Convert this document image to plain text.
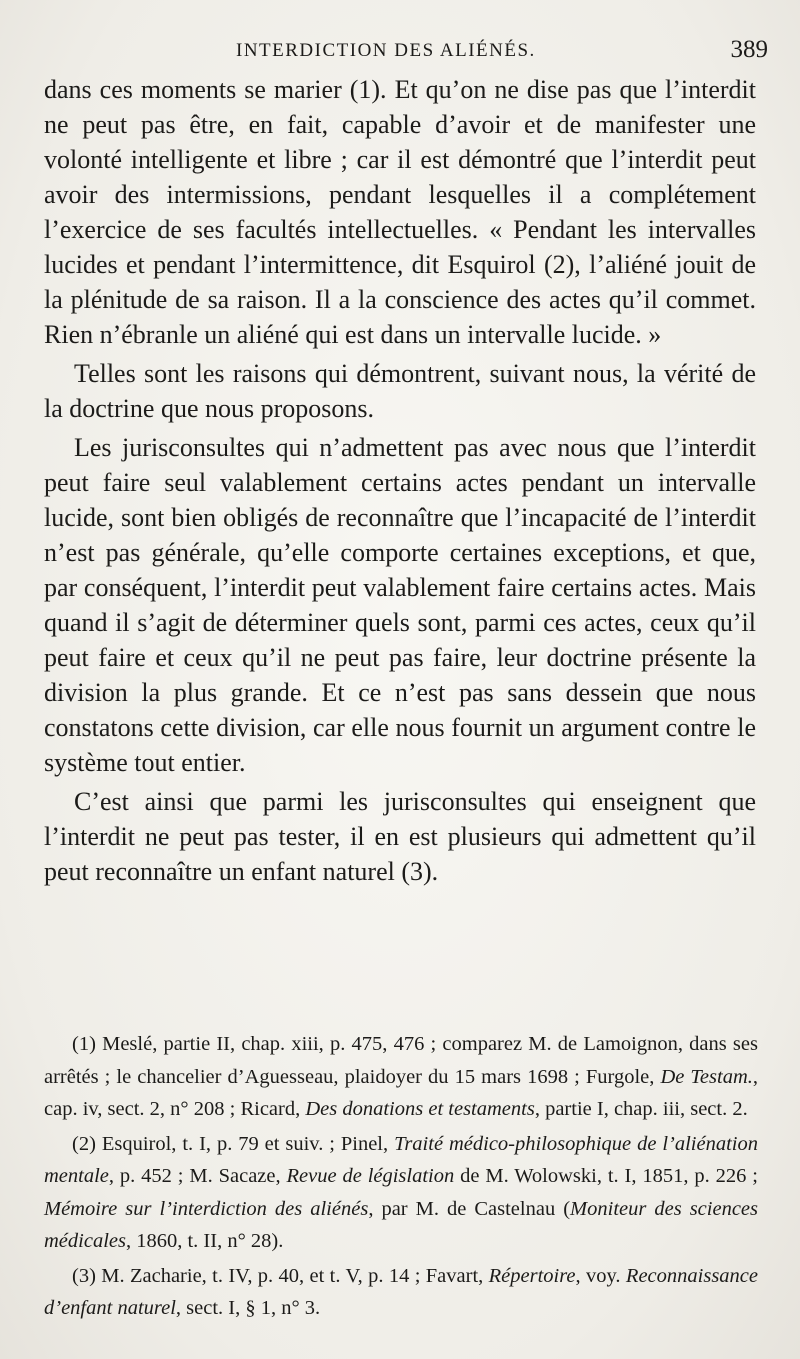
INTERDICTION DES ALIÉNÉS.	389

dans ces moments se marier (1). Et qu’on ne dise pas que l’interdit ne peut pas être, en fait, capable d’avoir et de manifester une volonté intelligente et libre ; car il est démontré que l’interdit peut avoir des intermissions, pendant lesquelles il a complétement l’exercice de ses facultés intellectuelles. « Pendant les intervalles lucides et pendant l’intermittence, dit Esquirol (2), l’aliéné jouit de la plénitude de sa raison. Il a la conscience des actes qu’il commet. Rien n’ébranle un aliéné qui est dans un intervalle lucide. »

Telles sont les raisons qui démontrent, suivant nous, la vérité de la doctrine que nous proposons.

Les jurisconsultes qui n’admettent pas avec nous que l’interdit peut faire seul valablement certains actes pendant un intervalle lucide, sont bien obligés de reconnaître que l’incapacité de l’interdit n’est pas générale, qu’elle comporte certaines exceptions, et que, par conséquent, l’interdit peut valablement faire certains actes. Mais quand il s’agit de déterminer quels sont, parmi ces actes, ceux qu’il peut faire et ceux qu’il ne peut pas faire, leur doctrine présente la division la plus grande. Et ce n’est pas sans dessein que nous constatons cette division, car elle nous fournit un argument contre le système tout entier.

C’est ainsi que parmi les jurisconsultes qui enseignent que l’interdit ne peut pas tester, il en est plusieurs qui admettent qu’il peut reconnaître un enfant naturel (3).

(1) Meslé, partie II, chap. xiii, p. 475, 476 ; comparez M. de Lamoignon, dans ses arrêtés ; le chancelier d’Aguesseau, plaidoyer du 15 mars 1698 ; Furgole, De Testam., cap. iv, sect. 2, n° 208 ; Ricard, Des donations et testaments, partie I, chap. iii, sect. 2.

(2) Esquirol, t. I, p. 79 et suiv. ; Pinel, Traité médico-philosophique de l’aliénation mentale, p. 452 ; M. Sacaze, Revue de législation de M. Wolowski, t. I, 1851, p. 226 ; Mémoire sur l’interdiction des aliénés, par M. de Castelnau (Moniteur des sciences médicales, 1860, t. II, n° 28).

(3) M. Zacharie, t. IV, p. 40, et t. V, p. 14 ; Favart, Répertoire, voy. Reconnaissance d’enfant naturel, sect. I, § 1, n° 3.
